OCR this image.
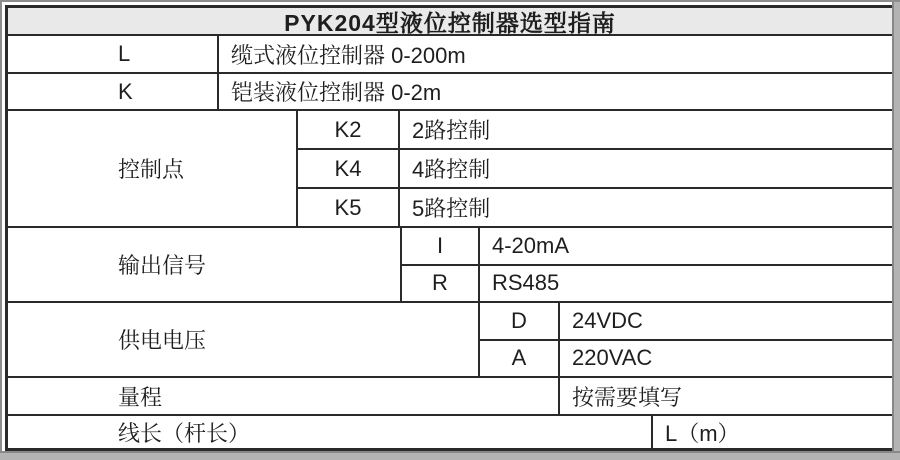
PYK204型液位控制器选型指南
L	缆式液位控制器 0-200m
K	铠装液位控制器 0-2m
控制点
K2	2路控制
K4	4路控制
K5	5路控制
输出信号
I	4-20mA
R	RS485
供电电压
D	24VDC
A	220VAC
量程	按需要填写
线长（杆长）	L（m）
